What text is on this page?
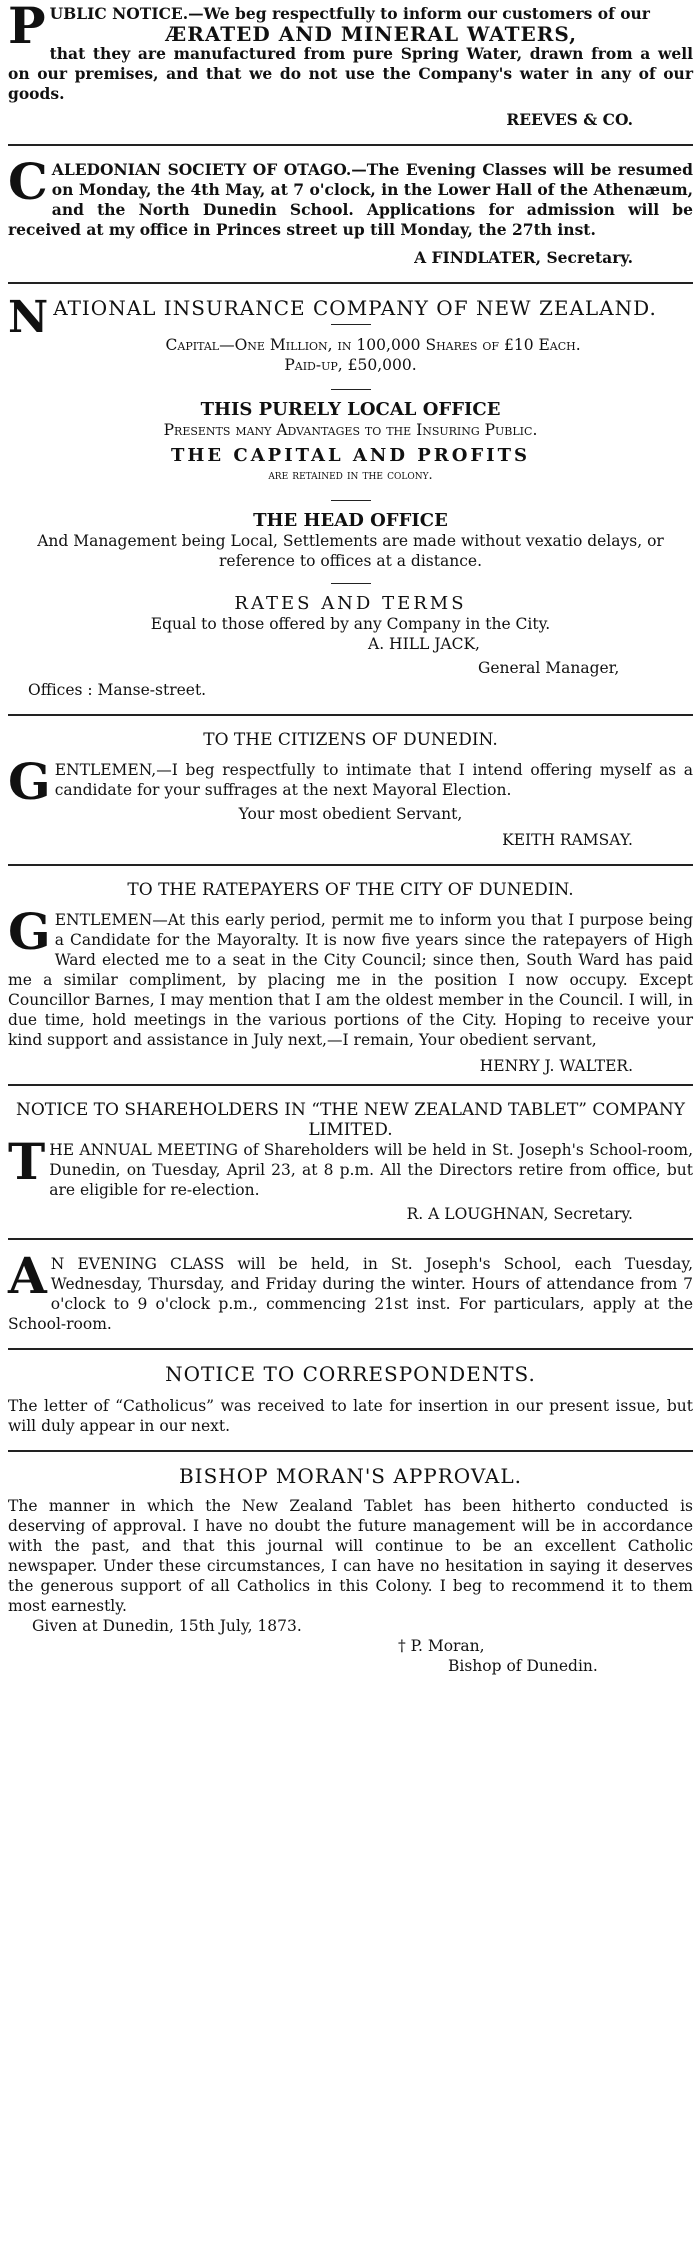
PUBLIC NOTICE.—We beg respectfully to inform our customers of our

ÆRATED AND MINERAL WATERS,

that they are manufactured from pure Spring Water, drawn from a well on our premises, and that we do not use the Company's water in any of our goods.

REEVES & CO.

CALEDONIAN SOCIETY OF OTAGO.—The Evening Classes will be resumed on Monday, the 4th May, at 7 o'clock, in the Lower Hall of the Athenæum, and the North Dunedin School. Applications for admission will be received at my office in Princes street up till Monday, the 27th inst.

A FINDLATER, Secretary.

NATIONAL INSURANCE COMPANY OF NEW ZEALAND.

Capital—One Million, in 100,000 Shares of £10 Each.

Paid-up, £50,000.

THIS PURELY LOCAL OFFICE

Presents many Advantages to the Insuring Public.

THE CAPITAL AND PROFITS

are retained in the colony.

THE HEAD OFFICE

And Management being Local, Settlements are made without vexatio delays, or reference to offices at a distance.

RATES AND TERMS

Equal to those offered by any Company in the City.

A. HILL JACK,

General Manager,

Offices : Manse-street.

TO THE CITIZENS OF DUNEDIN.

GENTLEMEN,—I beg respectfully to intimate that I intend offering myself as a candidate for your suffrages at the next Mayoral Election.

Your most obedient Servant,

KEITH RAMSAY.

TO THE RATEPAYERS OF THE CITY OF DUNEDIN.

GENTLEMEN—At this early period, permit me to inform you that I purpose being a Candidate for the Mayoralty. It is now five years since the ratepayers of High Ward elected me to a seat in the City Council; since then, South Ward has paid me a similar compliment, by placing me in the position I now occupy. Except Councillor Barnes, I may mention that I am the oldest member in the Council. I will, in due time, hold meetings in the various portions of the City. Hoping to receive your kind support and assistance in July next,—I remain, Your obedient servant,

HENRY J. WALTER.

NOTICE TO SHAREHOLDERS IN “THE NEW ZEALAND TABLET” COMPANY LIMITED.

THE ANNUAL MEETING of Shareholders will be held in St. Joseph's School-room, Dunedin, on Tuesday, April 23, at 8 p.m. All the Directors retire from office, but are eligible for re-election.

R. A LOUGHNAN, Secretary.

A N EVENING CLASS will be held, in St. Joseph's School, each Tuesday, Wednesday, Thursday, and Friday during the winter. Hours of attendance from 7 o'clock to 9 o'clock p.m., commencing 21st inst. For particulars, apply at the School-room.

NOTICE TO CORRESPONDENTS.

The letter of “Catholicus” was received to late for insertion in our present issue, but will duly appear in our next.

BISHOP MORAN'S APPROVAL.

The manner in which the New Zealand Tablet has been hitherto conducted is deserving of approval. I have no doubt the future management will be in accordance with the past, and that this journal will continue to be an excellent Catholic newspaper. Under these circumstances, I can have no hesitation in saying it deserves the generous support of all Catholics in this Colony. I beg to recommend it to them most earnestly.

Given at Dunedin, 15th July, 1873.

† P. Moran,

Bishop of Dunedin.
